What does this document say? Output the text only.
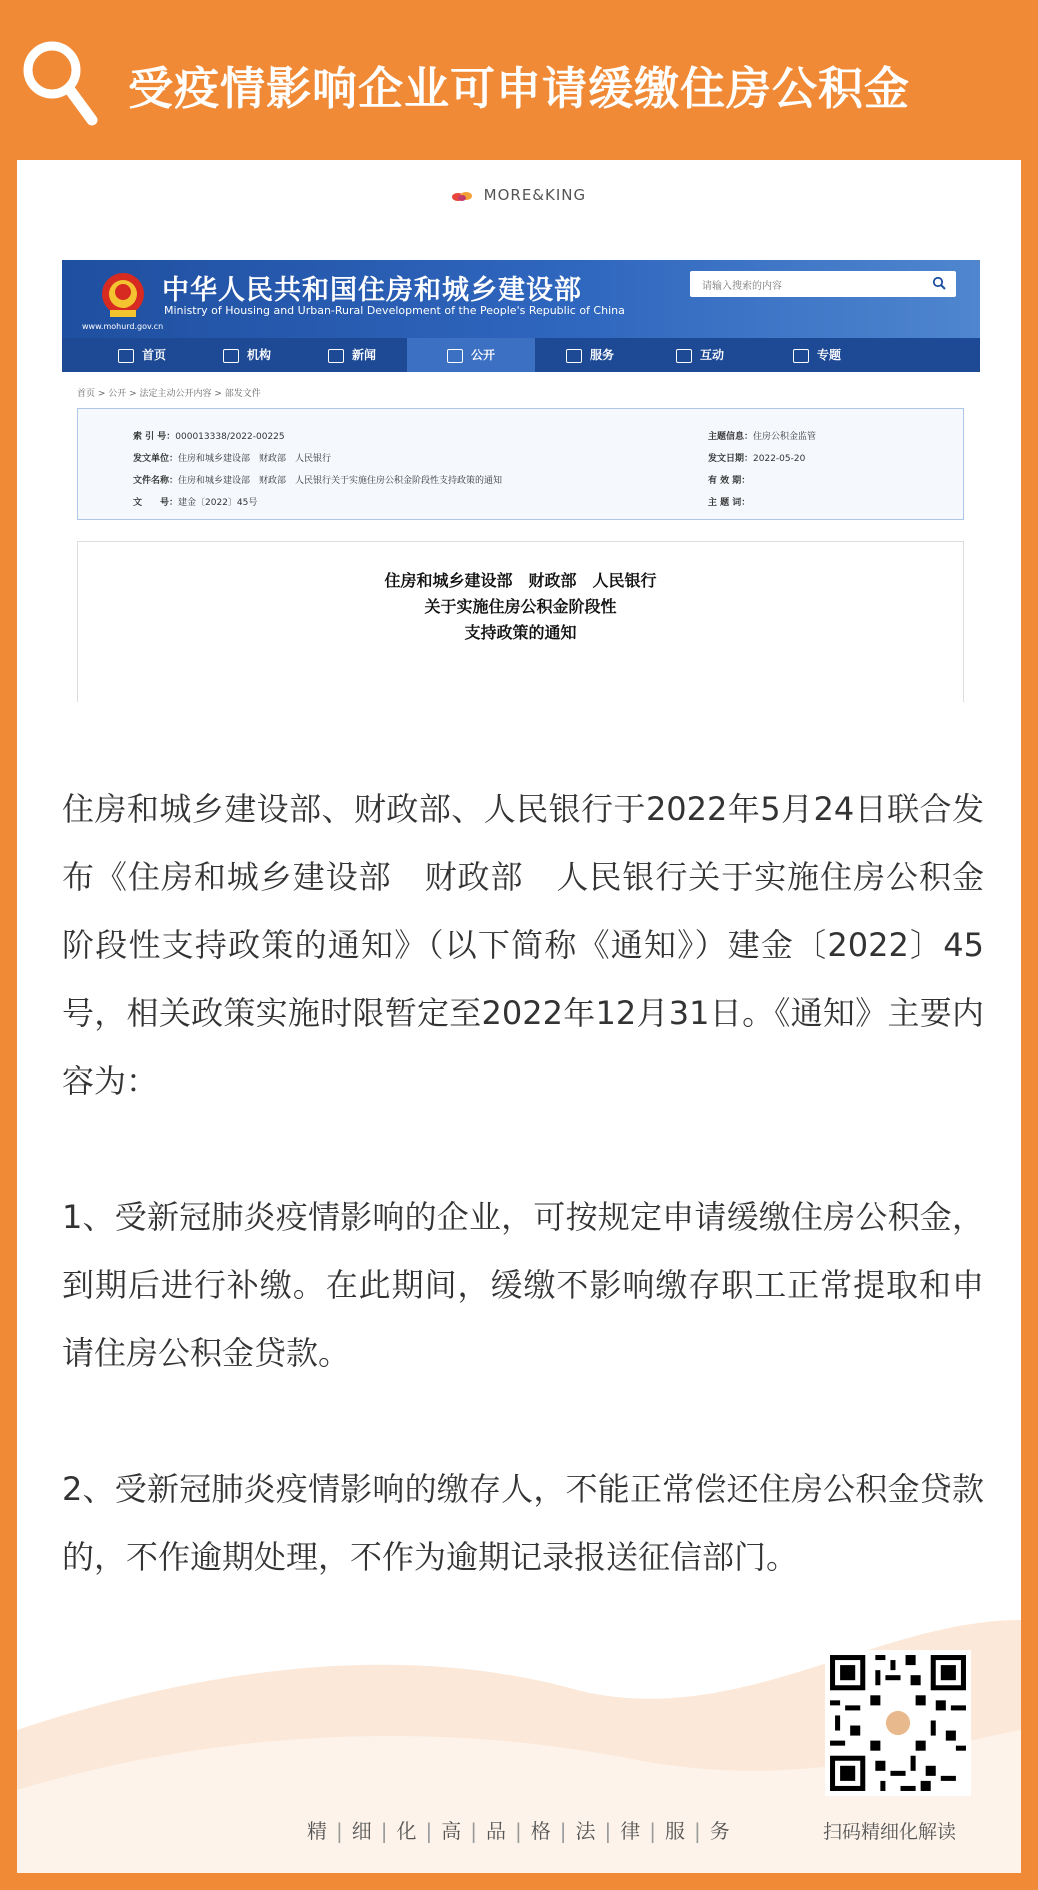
受疫情影响企业可申请缓缴住房公积金
MORE&KING
中华人民共和国住房和城乡建设部
Ministry of Housing and Urban-Rural Development of the People's Republic of China
www.mohurd.gov.cn
请输入搜索的内容
首页	机构	新闻	公开	服务	互动	专题
首页 > 公开 > 法定主动公开内容 > 部发文件
索 引 号：000013338/2022-00225
发文单位：住房和城乡建设部　财政部　人民银行
文件名称：住房和城乡建设部　财政部　人民银行关于实施住房公积金阶段性支持政策的通知
文　　号：建金〔2022〕45号
主题信息：住房公积金监管
发文日期：2022-05-20
有 效 期：
主 题 词：
住房和城乡建设部　财政部　人民银行
关于实施住房公积金阶段性
支持政策的通知

住房和城乡建设部、财政部、人民银行于2022年5月24日联合发布《住房和城乡建设部　财政部　人民银行关于实施住房公积金阶段性支持政策的通知》（以下简称《通知》）建金〔2022〕45号，相关政策实施时限暂定至2022年12月31日。《通知》主要内容为：

1、受新冠肺炎疫情影响的企业，可按规定申请缓缴住房公积金，到期后进行补缴。在此期间，缓缴不影响缴存职工正常提取和申请住房公积金贷款。

2、受新冠肺炎疫情影响的缴存人，不能正常偿还住房公积金贷款的，不作逾期处理，不作为逾期记录报送征信部门。

精 | 细 | 化 | 高 | 品 | 格 | 法 | 律 | 服 | 务	扫码精细化解读
